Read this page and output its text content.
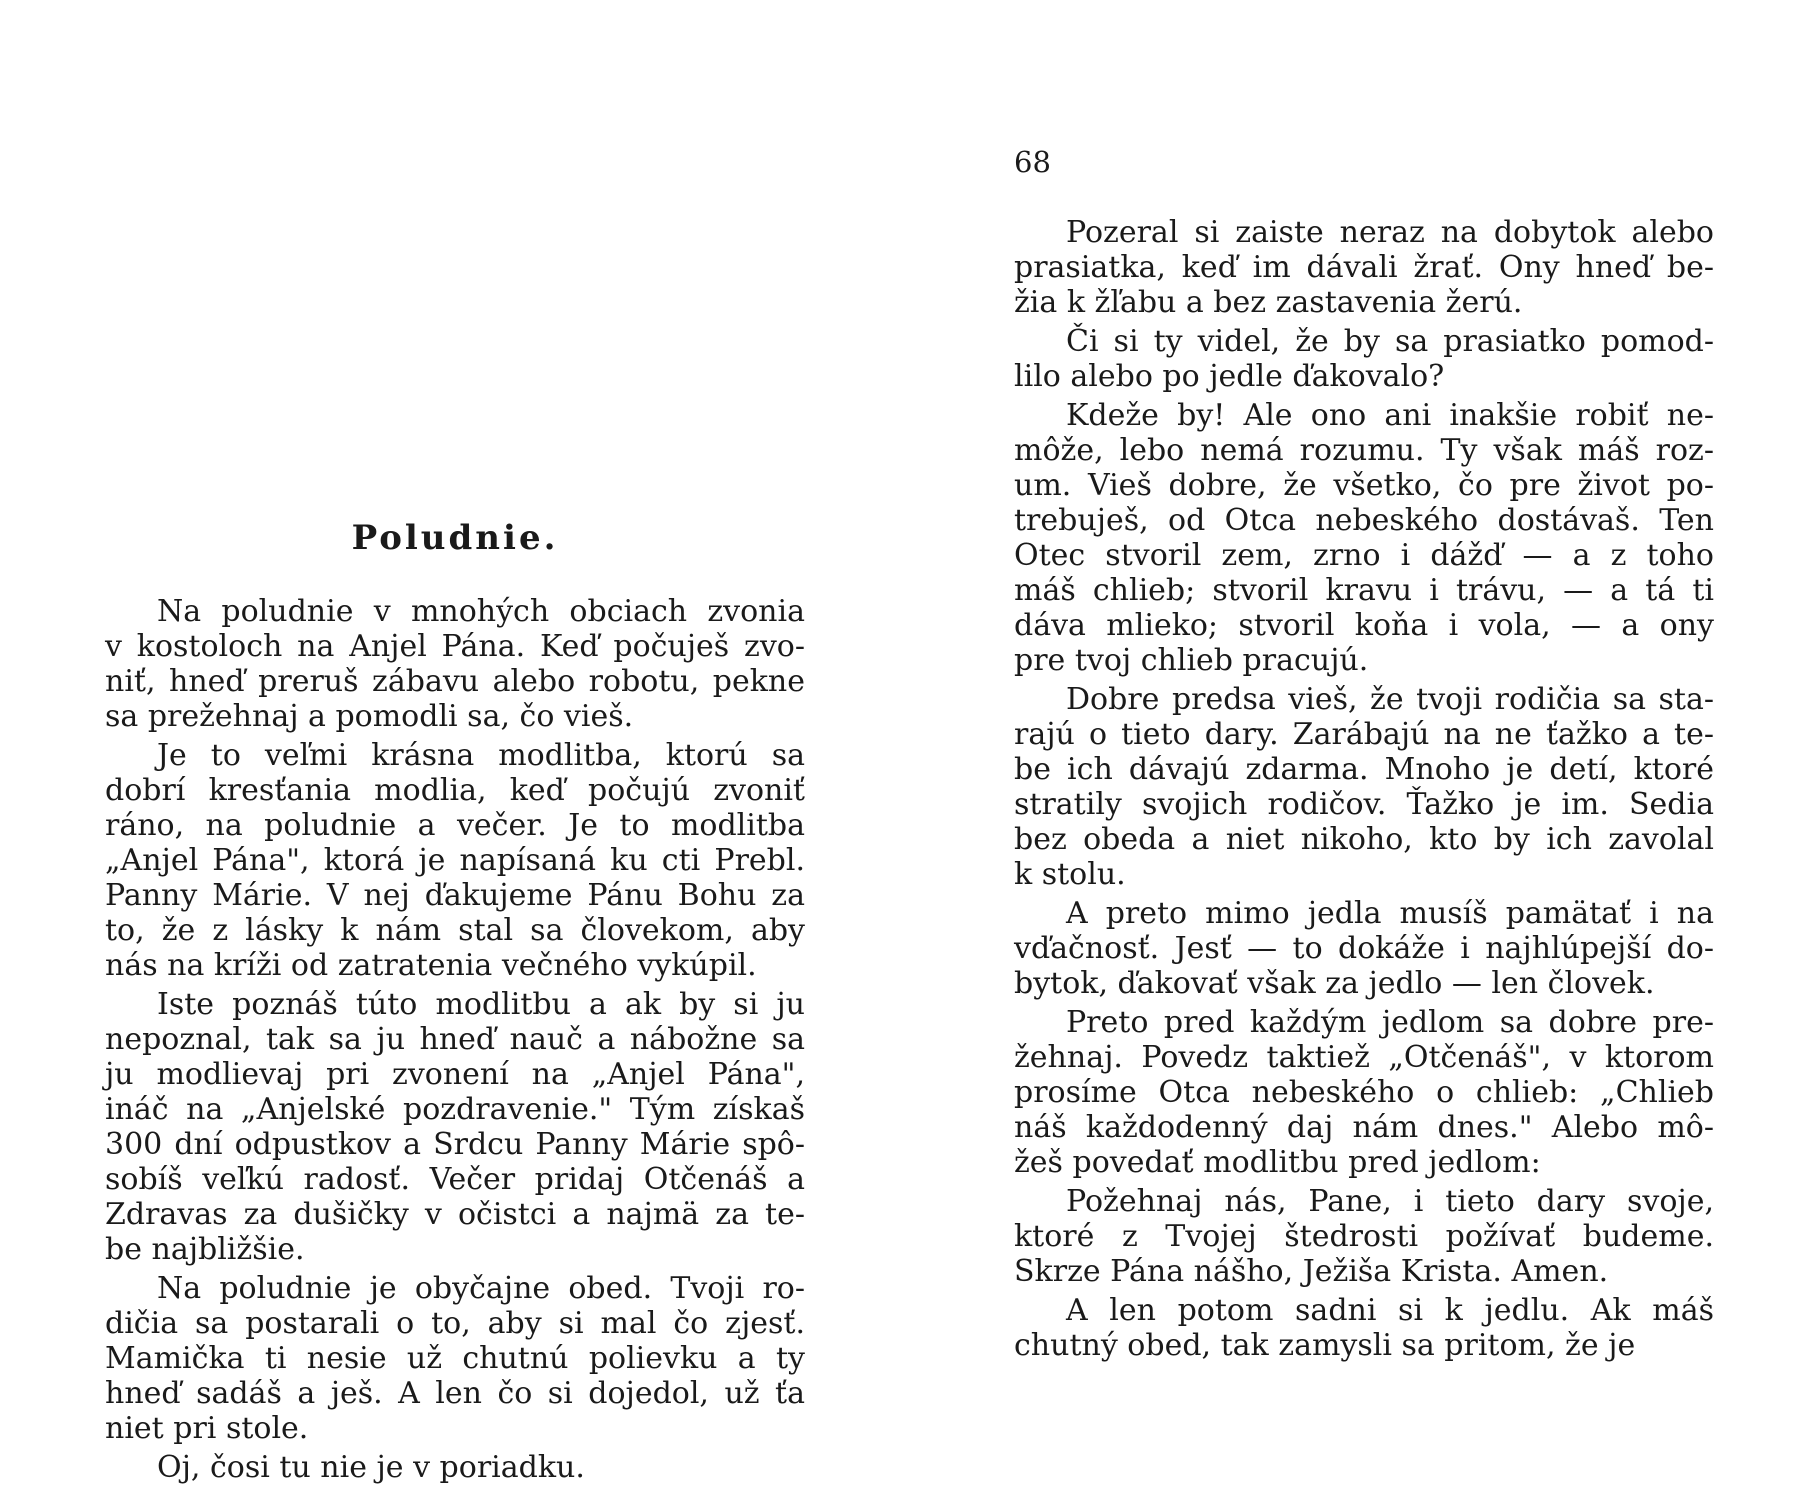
Poludnie.

Na poludnie v mnohých obciach zvonia
v kostoloch na Anjel Pána. Keď počuješ zvo-
niť, hneď preruš zábavu alebo robotu, pekne
sa prežehnaj a pomodli sa, čo vieš.

Je to veľmi krásna modlitba, ktorú sa
dobrí kresťania modlia, keď počujú zvoniť
ráno, na poludnie a večer. Je to modlitba
„Anjel Pána", ktorá je napísaná ku cti Prebl.
Panny Márie. V nej ďakujeme Pánu Bohu za
to, že z lásky k nám stal sa človekom, aby
nás na kríži od zatratenia večného vykúpil.

Iste poznáš túto modlitbu a ak by si ju
nepoznal, tak sa ju hneď nauč a nábožne sa
ju modlievaj pri zvonení na „Anjel Pána",
ináč na „Anjelské pozdravenie." Tým získaš
300 dní odpustkov a Srdcu Panny Márie spô-
sobíš veľkú radosť. Večer pridaj Otčenáš a
Zdravas za dušičky v očistci a najmä za te-
be najbližšie.

Na poludnie je obyčajne obed. Tvoji ro-
dičia sa postarali o to, aby si mal čo zjesť.
Mamička ti nesie už chutnú polievku a ty
hneď sadáš a ješ. A len čo si dojedol, už ťa
niet pri stole.

Oj, čosi tu nie je v poriadku.

68

Pozeral si zaiste neraz na dobytok alebo
prasiatka, keď im dávali žrať. Ony hneď be-
žia k žľabu a bez zastavenia žerú.

Či si ty videl, že by sa prasiatko pomod-
lilo alebo po jedle ďakovalo?

Kdeže by! Ale ono ani inakšie robiť ne-
môže, lebo nemá rozumu. Ty však máš roz-
um. Vieš dobre, že všetko, čo pre život po-
trebuješ, od Otca nebeského dostávaš. Ten
Otec stvoril zem, zrno i dážď — a z toho
máš chlieb; stvoril kravu i trávu, — a tá ti
dáva mlieko; stvoril koňa i vola, — a ony
pre tvoj chlieb pracujú.

Dobre predsa vieš, že tvoji rodičia sa sta-
rajú o tieto dary. Zarábajú na ne ťažko a te-
be ich dávajú zdarma. Mnoho je detí, ktoré
stratily svojich rodičov. Ťažko je im. Sedia
bez obeda a niet nikoho, kto by ich zavolal
k stolu.

A preto mimo jedla musíš pamätať i na
vďačnosť. Jesť — to dokáže i najhlúpejší do-
bytok, ďakovať však za jedlo — len človek.

Preto pred každým jedlom sa dobre pre-
žehnaj. Povedz taktiež „Otčenáš", v ktorom
prosíme Otca nebeského o chlieb: „Chlieb
náš každodenný daj nám dnes." Alebo mô-
žeš povedať modlitbu pred jedlom:

Požehnaj nás, Pane, i tieto dary svoje,
ktoré z Tvojej štedrosti požívať budeme.
Skrze Pána nášho, Ježiša Krista. Amen.

A len potom sadni si k jedlu. Ak máš
chutný obed, tak zamysli sa pritom, že je
